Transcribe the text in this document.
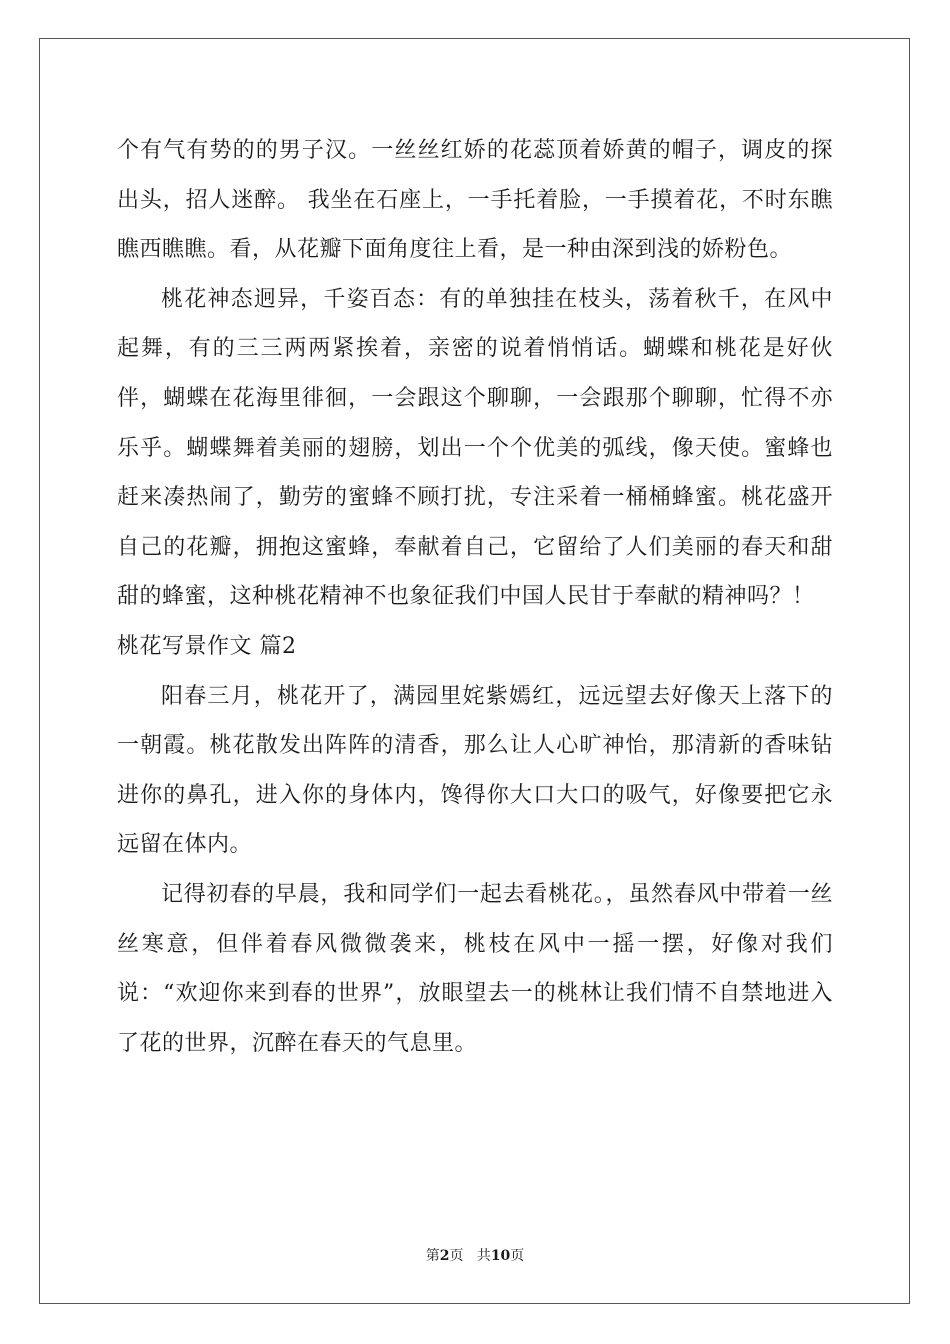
个有气有势的的男子汉。一丝丝红娇的花蕊顶着娇黄的帽子，调皮的探出头，招人迷醉。 我坐在石座上，一手托着脸，一手摸着花，不时东瞧瞧西瞧瞧。看，从花瓣下面角度往上看，是一种由深到浅的娇粉色。

桃花神态迥异，千姿百态：有的单独挂在枝头，荡着秋千，在风中起舞，有的三三两两紧挨着，亲密的说着悄悄话。蝴蝶和桃花是好伙伴，蝴蝶在花海里徘徊，一会跟这个聊聊，一会跟那个聊聊，忙得不亦乐乎。蝴蝶舞着美丽的翅膀，划出一个个优美的弧线，像天使。蜜蜂也赶来凑热闹了，勤劳的蜜蜂不顾打扰，专注采着一桶桶蜂蜜。桃花盛开自己的花瓣，拥抱这蜜蜂，奉献着自己，它留给了人们美丽的春天和甜甜的蜂蜜，这种桃花精神不也象征我们中国人民甘于奉献的精神吗？！

桃花写景作文 篇2

阳春三月，桃花开了，满园里姹紫嫣红，远远望去好像天上落下的一朝霞。桃花散发出阵阵的清香，那么让人心旷神怡，那清新的香味钻进你的鼻孔，进入你的身体内，馋得你大口大口的吸气，好像要把它永远留在体内。

记得初春的早晨，我和同学们一起去看桃花。，虽然春风中带着一丝丝寒意，但伴着春风微微袭来，桃枝在风中一摇一摆，好像对我们说：“欢迎你来到春的世界”，放眼望去一的桃林让我们情不自禁地进入了花的世界，沉醉在春天的气息里。

第2页 共10页
